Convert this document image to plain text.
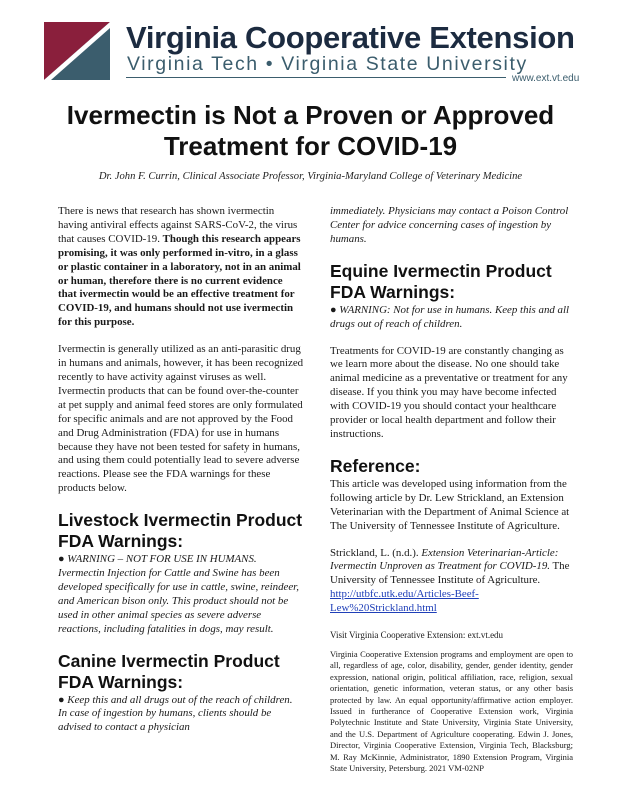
Virginia Cooperative Extension
Virginia Tech • Virginia State University
www.ext.vt.edu
Ivermectin is Not a Proven or Approved Treatment for COVID-19
Dr. John F. Currin, Clinical Associate Professor, Virginia-Maryland College of Veterinary Medicine

There is news that research has shown ivermectin having antiviral effects against SARS-CoV-2, the virus that causes COVID-19. Though this research appears promising, it was only performed in-vitro, in a glass or plastic container in a laboratory, not in an animal or human, therefore there is no current evidence that ivermectin would be an effective treatment for COVID-19, and humans should not use ivermectin for this purpose.

Ivermectin is generally utilized as an anti-parasitic drug in humans and animals, however, it has been recognized recently to have activity against viruses as well. Ivermectin products that can be found over-the-counter at pet supply and animal feed stores are only formulated for specific animals and are not approved by the Food and Drug Administration (FDA) for use in humans because they have not been tested for safety in humans, and using them could potentially lead to severe adverse reactions. Please see the FDA warnings for these products below.

Livestock Ivermectin Product FDA Warnings:

● WARNING – NOT FOR USE IN HUMANS. Ivermectin Injection for Cattle and Swine has been developed specifically for use in cattle, swine, reindeer, and American bison only. This product should not be used in other animal species as severe adverse reactions, including fatalities in dogs, may result.

Canine Ivermectin Product FDA Warnings:

● Keep this and all drugs out of the reach of children. In case of ingestion by humans, clients should be advised to contact a physician

immediately. Physicians may contact a Poison Control Center for advice concerning cases of ingestion by humans.

Equine Ivermectin Product FDA Warnings:

● WARNING: Not for use in humans. Keep this and all drugs out of reach of children.

Treatments for COVID-19 are constantly changing as we learn more about the disease. No one should take animal medicine as a preventative or treatment for any disease. If you think you may have become infected with COVID-19 you should contact your healthcare provider or local health department and follow their instructions.

Reference:

This article was developed using information from the following article by Dr. Lew Strickland, an Extension Veterinarian with the Department of Animal Science at The University of Tennessee Institute of Agriculture.

Strickland, L. (n.d.). Extension Veterinarian-Article: Ivermectin Unproven as Treatment for COVID-19. The University of Tennessee Institute of Agriculture. http://utbfc.utk.edu/Articles-Beef-Lew%20Strickland.html

Visit Virginia Cooperative Extension: ext.vt.edu

Virginia Cooperative Extension programs and employment are open to all, regardless of age, color, disability, gender, gender identity, gender expression, national origin, political affiliation, race, religion, sexual orientation, genetic information, veteran status, or any other basis protected by law. An equal opportunity/affirmative action employer. Issued in furtherance of Cooperative Extension work, Virginia Polytechnic Institute and State University, Virginia State University, and the U.S. Department of Agriculture cooperating. Edwin J. Jones, Director, Virginia Cooperative Extension, Virginia Tech, Blacksburg; M. Ray McKinnie, Administrator, 1890 Extension Program, Virginia State University, Petersburg. 2021 VM-02NP
